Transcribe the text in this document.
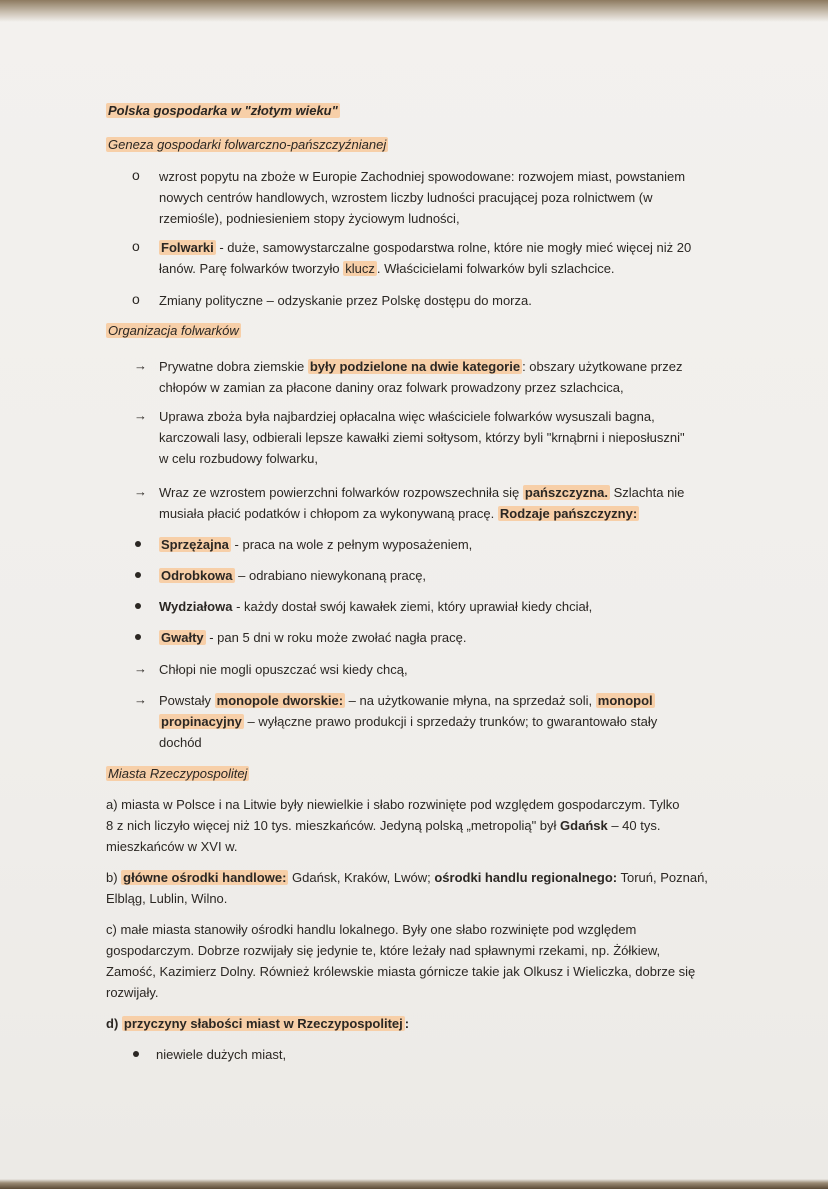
Polska gospodarka w "złotym wieku"
Geneza gospodarki folwarczno-pańszczyźnianej
o wzrost popytu na zboże w Europie Zachodniej spowodowane: rozwojem miast, powstaniem
nowych centrów handlowych, wzrostem liczby ludności pracującej poza rolnictwem (w
rzemiośle), podniesieniem stopy życiowym ludności,
o Folwarki - duże, samowystarczalne gospodarstwa rolne, które nie mogły mieć więcej niż 20
łanów. Parę folwarków tworzyło klucz . Właścicielami folwarków byli szlachcice.
o Zmiany polityczne – odzyskanie przez Polskę dostępu do morza.
Organizacja folwarków
→ Prywatne dobra ziemskie były podzielone na dwie kategorie : obszary użytkowane przez
chłopów w zamian za płacone daniny oraz folwark prowadzony przez szlachcica,
→ Uprawa zboża była najbardziej opłacalna więc właściciele folwarków wysuszali bagna,
karczowali lasy, odbierali lepsze kawałki ziemi sołtysom, którzy byli "krnąbrni i nieposłuszni"
w celu rozbudowy folwarku,
→ Wraz ze wzrostem powierzchni folwarków rozpowszechniła się pańszczyzna. Szlachta nie
musiała płacić podatków i chłopom za wykonywaną pracę. Rodzaje pańszczyzny:
Sprzężajna - praca na wole z pełnym wyposażeniem,
Odrobkowa – odrabiano niewykonaną pracę,
Wydziałowa - każdy dostał swój kawałek ziemi, który uprawiał kiedy chciał,
Gwałty - pan 5 dni w roku może zwołać nagła pracę.
→ Chłopi nie mogli opuszczać wsi kiedy chcą,
→ Powstały monopole dworskie: – na użytkowanie młyna, na sprzedaż soli, monopol
propinacyjny – wyłączne prawo produkcji i sprzedaży trunków; to gwarantowało stały
dochód
Miasta Rzeczypospolitej
a) miasta w Polsce i na Litwie były niewielkie i słabo rozwinięte pod względem gospodarczym. Tylko
8 z nich liczyło więcej niż 10 tys. mieszkańców. Jedyną polską „metropolią" był Gdańsk – 40 tys.
mieszkańców w XVI w.
b) główne ośrodki handlowe: Gdańsk, Kraków, Lwów; ośrodki handlu regionalnego: Toruń, Poznań,
Elbląg, Lublin, Wilno.
c) małe miasta stanowiły ośrodki handlu lokalnego. Były one słabo rozwinięte pod względem
gospodarczym. Dobrze rozwijały się jedynie te, które leżały nad spławnymi rzekami, np. Żółkiew,
Zamość, Kazimierz Dolny. Również królewskie miasta górnicze takie jak Olkusz i Wieliczka, dobrze się
rozwijały.
d) przyczyny słabości miast w Rzeczypospolitej :
niewiele dużych miast,
